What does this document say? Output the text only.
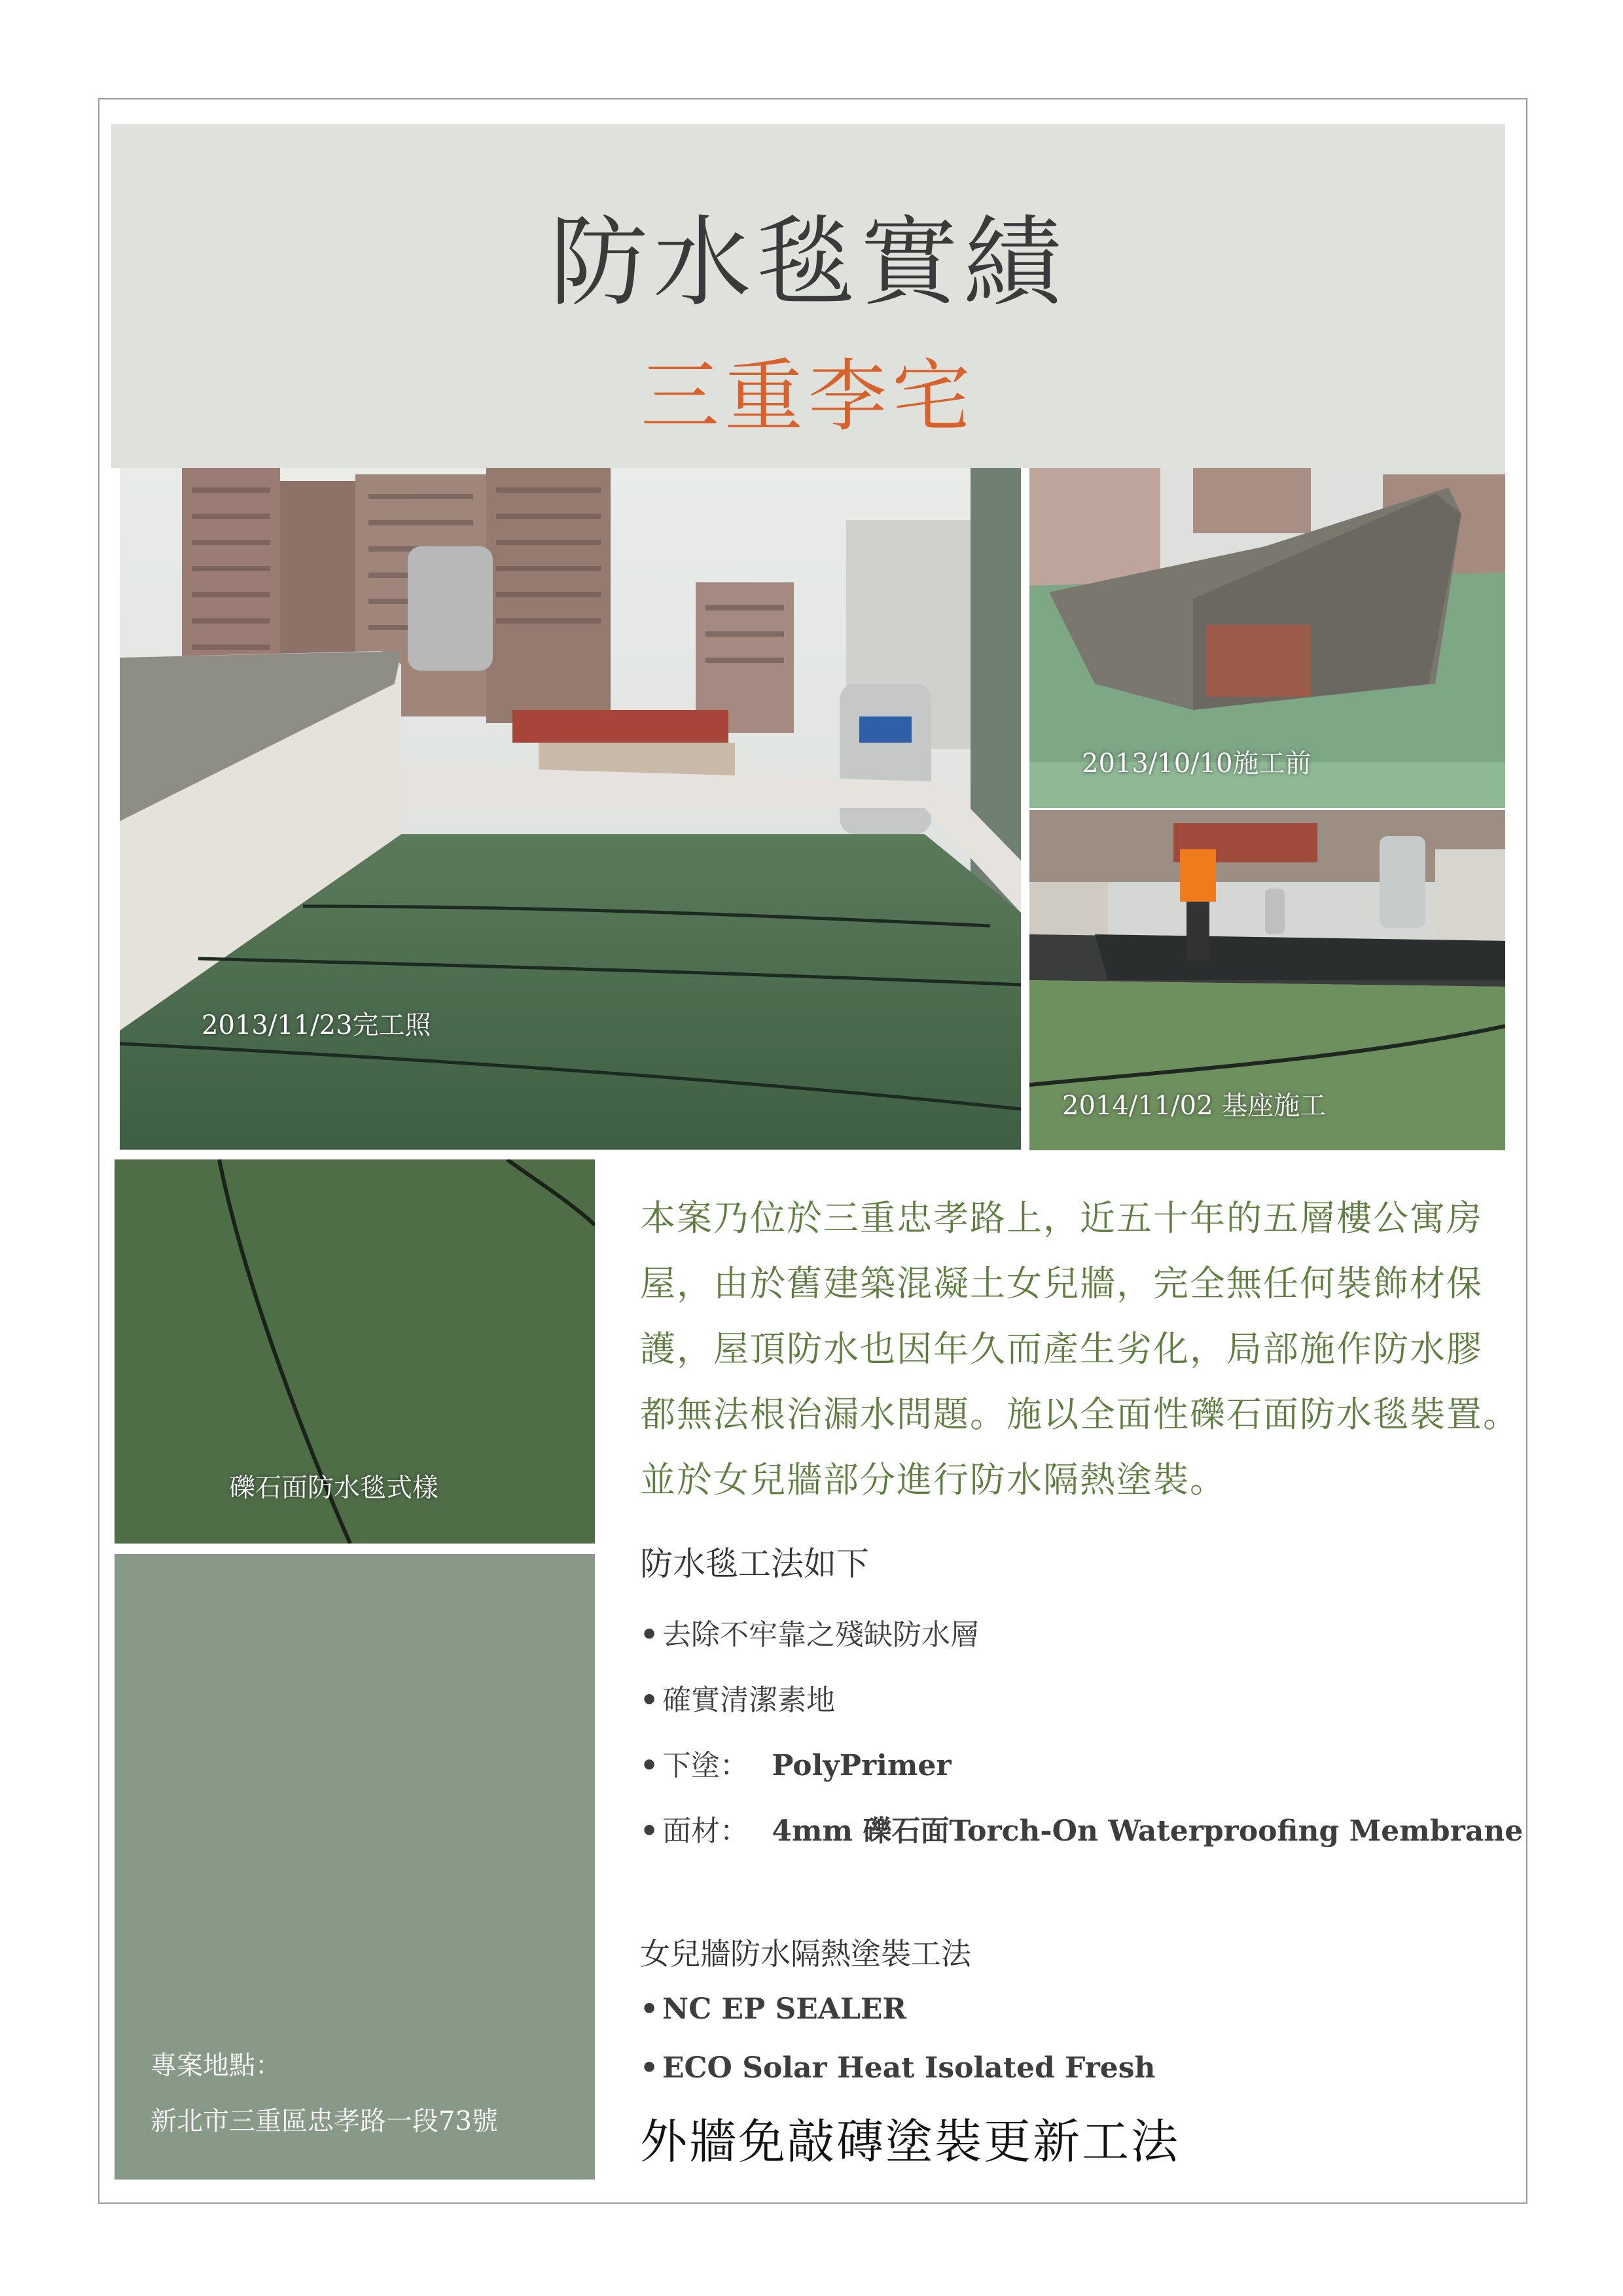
防水毯實績
三重李宅
2013/11/23完工照
2013/10/10施工前
2014/11/02 基座施工
礫石面防水毯式樣
專案地點：
新北市三重區忠孝路一段73號
本案乃位於三重忠孝路上，近五十年的五層樓公寓房
屋，由於舊建築混凝土女兒牆，完全無任何裝飾材保
護，屋頂防水也因年久而產生劣化，局部施作防水膠
都無法根治漏水問題。施以全面性礫石面防水毯裝置。
並於女兒牆部分進行防水隔熱塗裝。
防水毯工法如下
• 去除不牢靠之殘缺防水層
• 確實清潔素地
• 下塗： PolyPrimer
• 面材： 4mm 礫石面Torch-On Waterproofing Membrane
女兒牆防水隔熱塗裝工法
• NC EP SEALER
• ECO Solar Heat Isolated Fresh
外牆免敲磚塗裝更新工法
